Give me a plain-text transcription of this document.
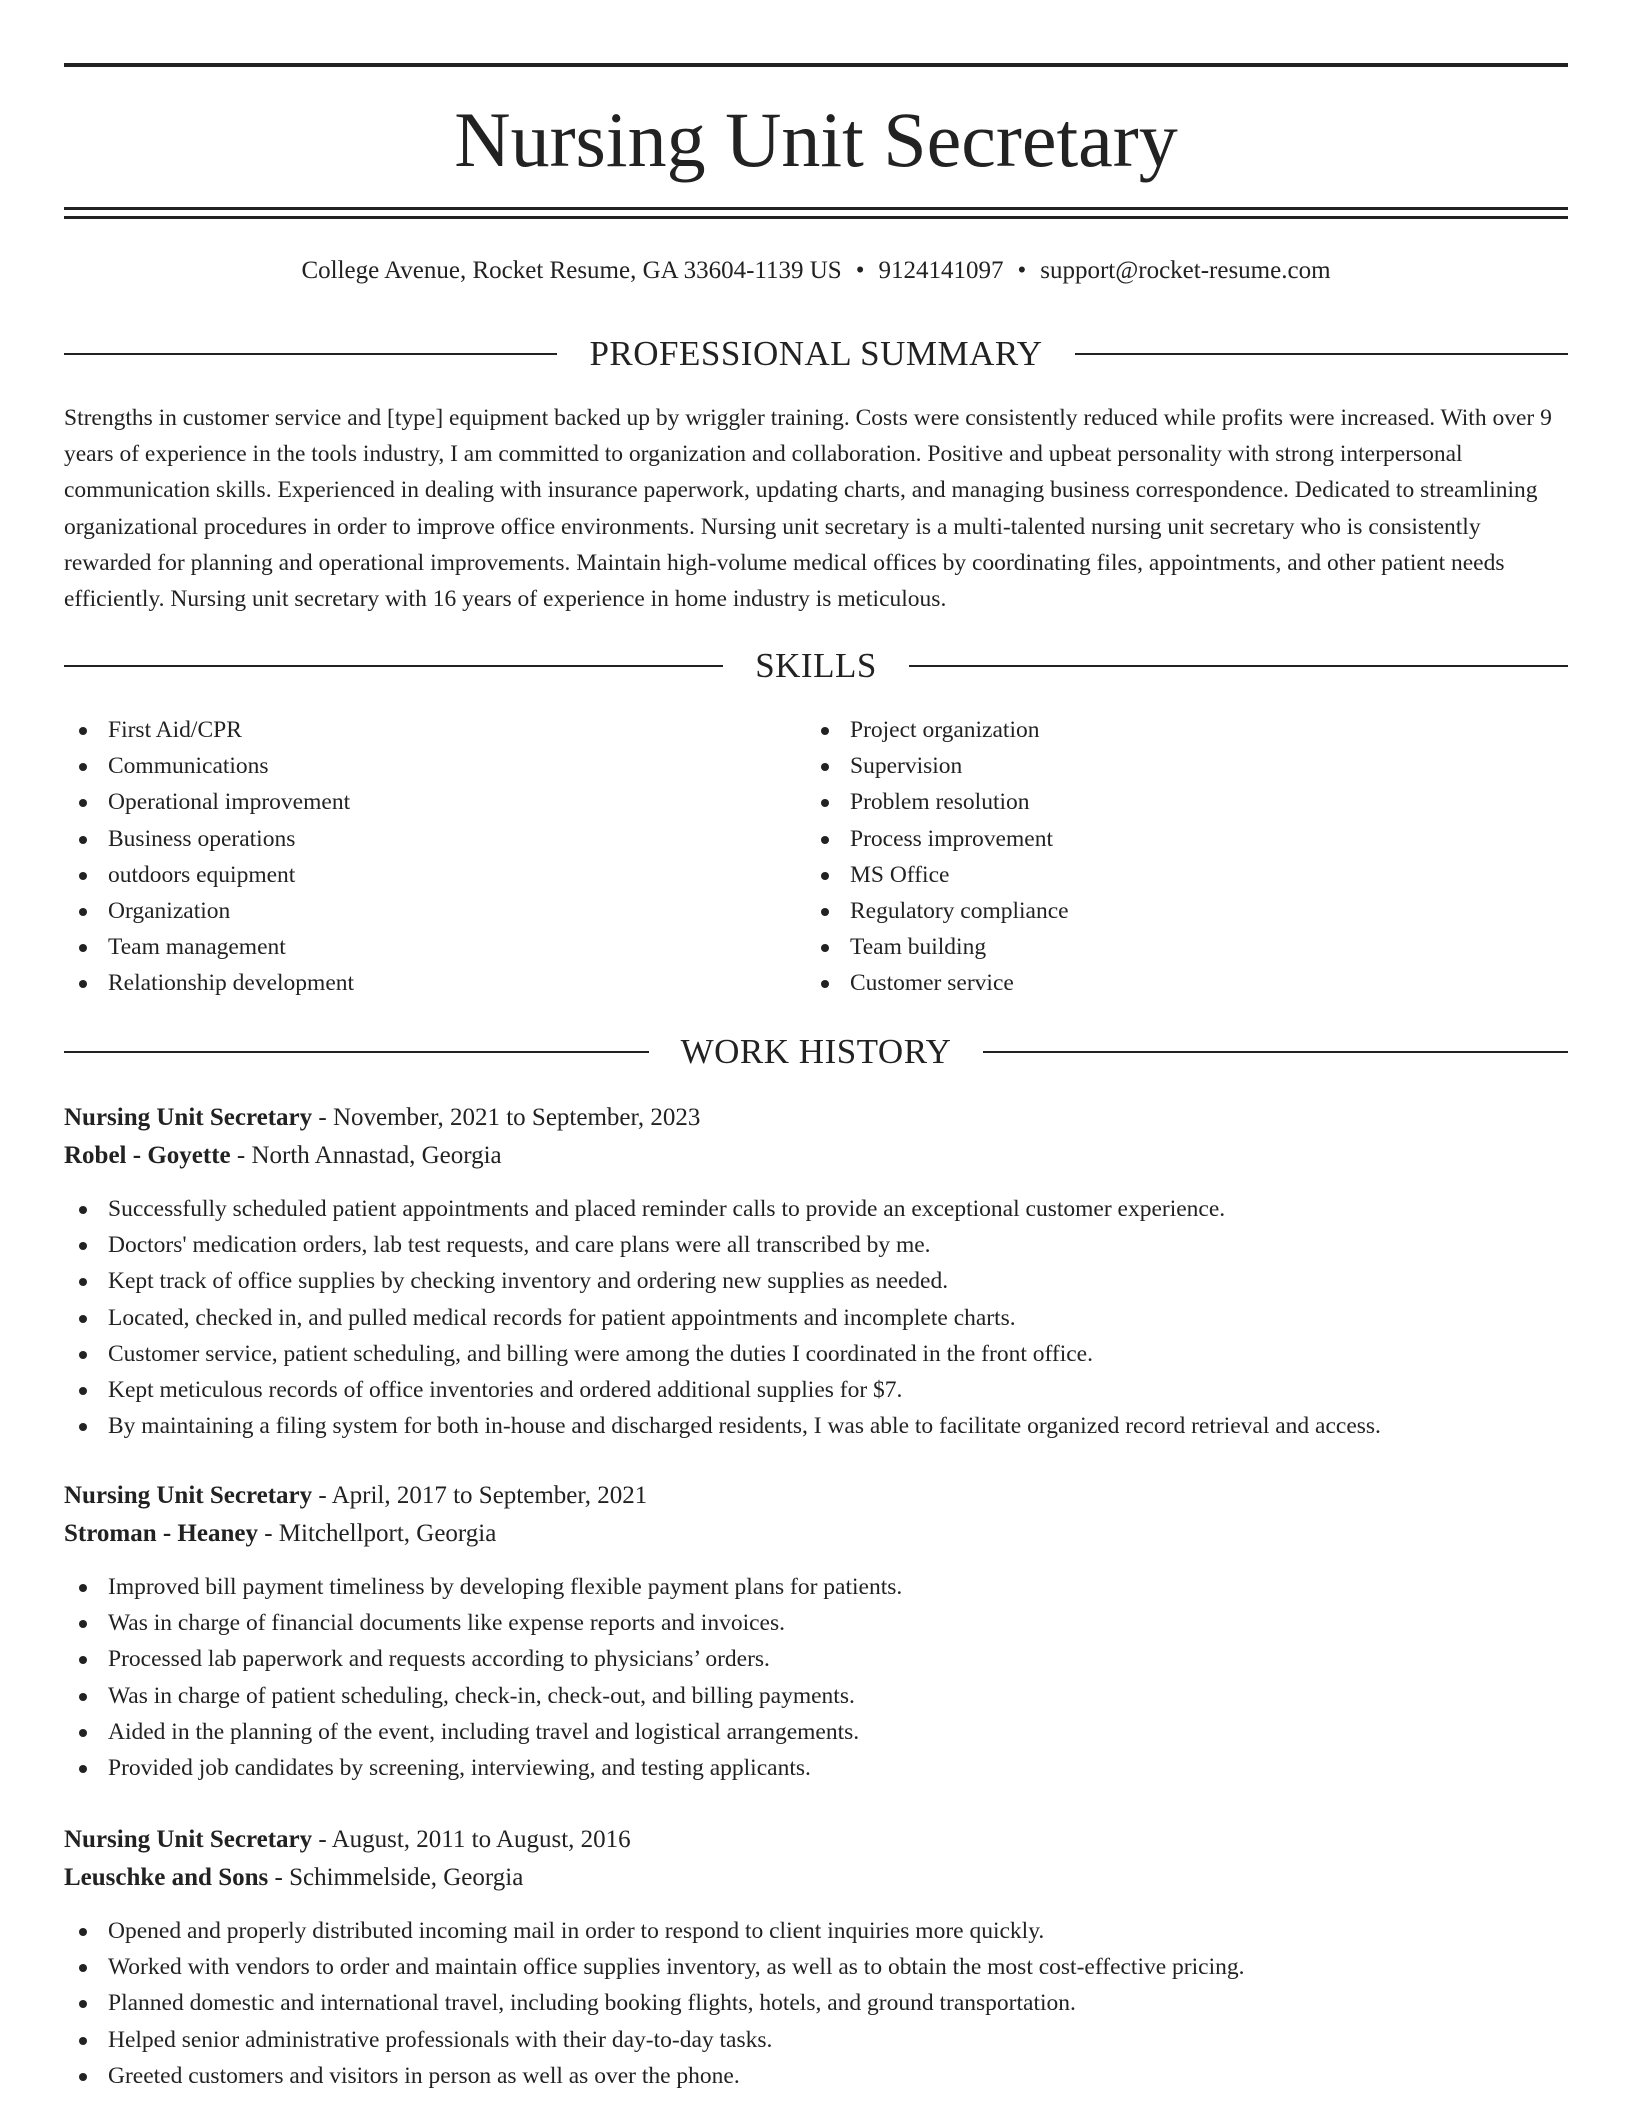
Nursing Unit Secretary
College Avenue, Rocket Resume, GA 33604-1139 US • 9124141097 • support@rocket-resume.com
PROFESSIONAL SUMMARY

Strengths in customer service and [type] equipment backed up by wriggler training. Costs were consistently reduced while profits were increased. With over 9 years of experience in the tools industry, I am committed to organization and collaboration. Positive and upbeat personality with strong interpersonal communication skills. Experienced in dealing with insurance paperwork, updating charts, and managing business correspondence. Dedicated to streamlining organizational procedures in order to improve office environments. Nursing unit secretary is a multi-talented nursing unit secretary who is consistently rewarded for planning and operational improvements. Maintain high-volume medical offices by coordinating files, appointments, and other patient needs efficiently. Nursing unit secretary with 16 years of experience in home industry is meticulous.

SKILLS
First Aid/CPR
Communications
Operational improvement
Business operations
outdoors equipment
Organization
Team management
Relationship development
Project organization
Supervision
Problem resolution
Process improvement
MS Office
Regulatory compliance
Team building
Customer service
WORK HISTORY
Nursing Unit Secretary - November, 2021 to September, 2023
Robel - Goyette - North Annastad, Georgia
Successfully scheduled patient appointments and placed reminder calls to provide an exceptional customer experience.
Doctors' medication orders, lab test requests, and care plans were all transcribed by me.
Kept track of office supplies by checking inventory and ordering new supplies as needed.
Located, checked in, and pulled medical records for patient appointments and incomplete charts.
Customer service, patient scheduling, and billing were among the duties I coordinated in the front office.
Kept meticulous records of office inventories and ordered additional supplies for $7.
By maintaining a filing system for both in-house and discharged residents, I was able to facilitate organized record retrieval and access.
Nursing Unit Secretary - April, 2017 to September, 2021
Stroman - Heaney - Mitchellport, Georgia
Improved bill payment timeliness by developing flexible payment plans for patients.
Was in charge of financial documents like expense reports and invoices.
Processed lab paperwork and requests according to physicians’ orders.
Was in charge of patient scheduling, check-in, check-out, and billing payments.
Aided in the planning of the event, including travel and logistical arrangements.
Provided job candidates by screening, interviewing, and testing applicants.
Nursing Unit Secretary - August, 2011 to August, 2016
Leuschke and Sons - Schimmelside, Georgia
Opened and properly distributed incoming mail in order to respond to client inquiries more quickly.
Worked with vendors to order and maintain office supplies inventory, as well as to obtain the most cost-effective pricing.
Planned domestic and international travel, including booking flights, hotels, and ground transportation.
Helped senior administrative professionals with their day-to-day tasks.
Greeted customers and visitors in person as well as over the phone.
